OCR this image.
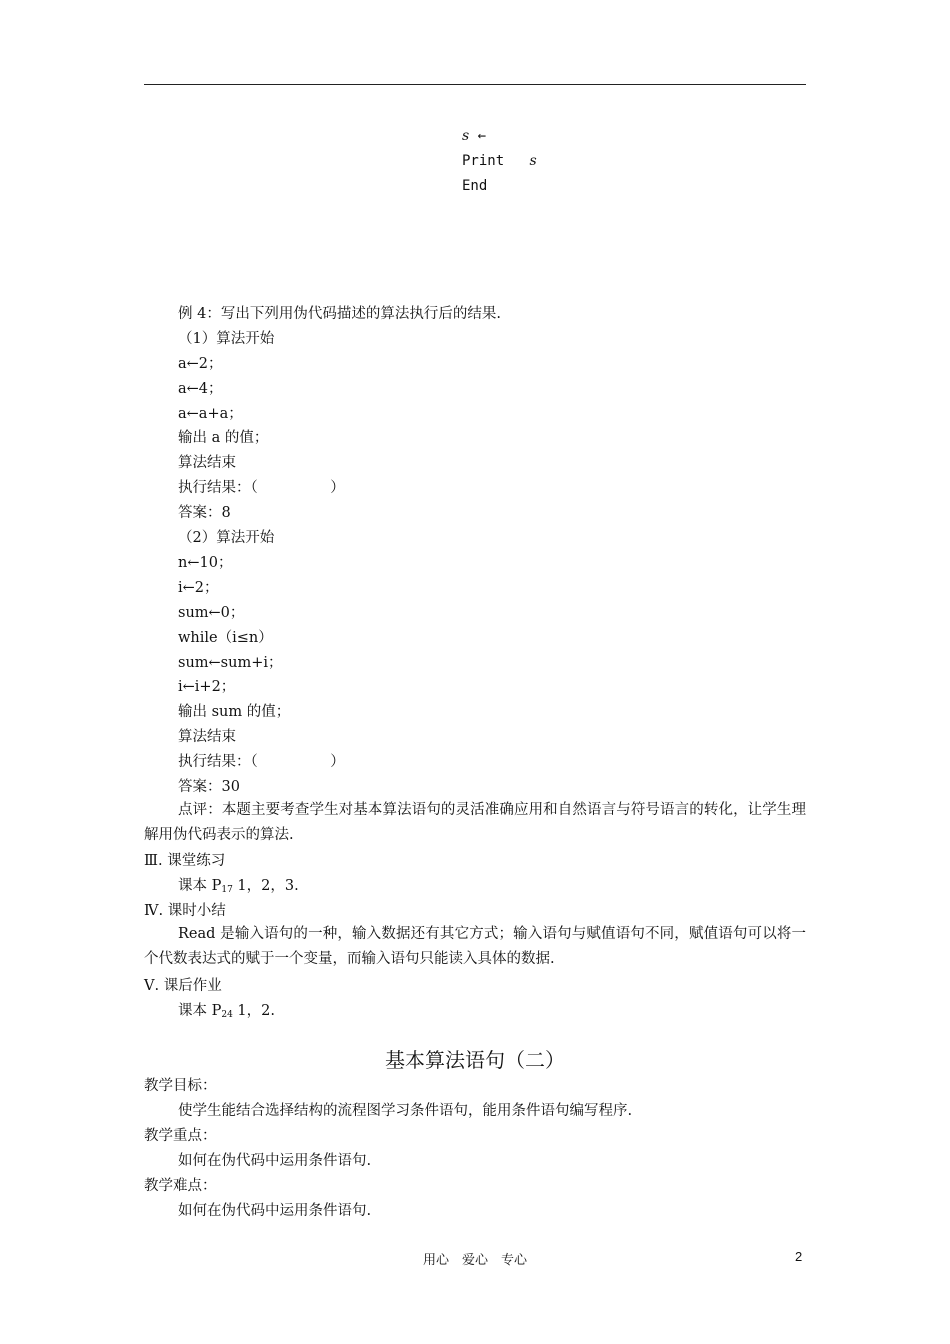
s ←
Print s
End
例 4：写出下列用伪代码描述的算法执行后的结果.
（1）算法开始
a←2；
a←4；
a←a+a；
输出 a 的值；
算法结束
执行结果：（　　　　　）
答案：8
（2）算法开始
n←10；
i←2；
sum←0；
while（i≤n）
sum←sum+i；
i←i+2；
输出 sum 的值；
算法结束
执行结果：（　　　　　）
答案：30
点评：本题主要考查学生对基本算法语句的灵活准确应用和自然语言与符号语言的转化，让学生理解用伪代码表示的算法.
Ⅲ. 课堂练习
课本 $P_{17}$ 1，2，3.
Ⅳ. 课时小结
Read 是输入语句的一种，输入数据还有其它方式；输入语句与赋值语句不同，赋值语句可以将一个代数表达式的赋于一个变量，而输入语句只能读入具体的数据.
Ⅴ. 课后作业
课本 $P_{24}$ 1，2.
基本算法语句（二）
教学目标：
使学生能结合选择结构的流程图学习条件语句，能用条件语句编写程序.
教学重点：
如何在伪代码中运用条件语句.
教学难点：
如何在伪代码中运用条件语句.
用心　爱心　专心	2
